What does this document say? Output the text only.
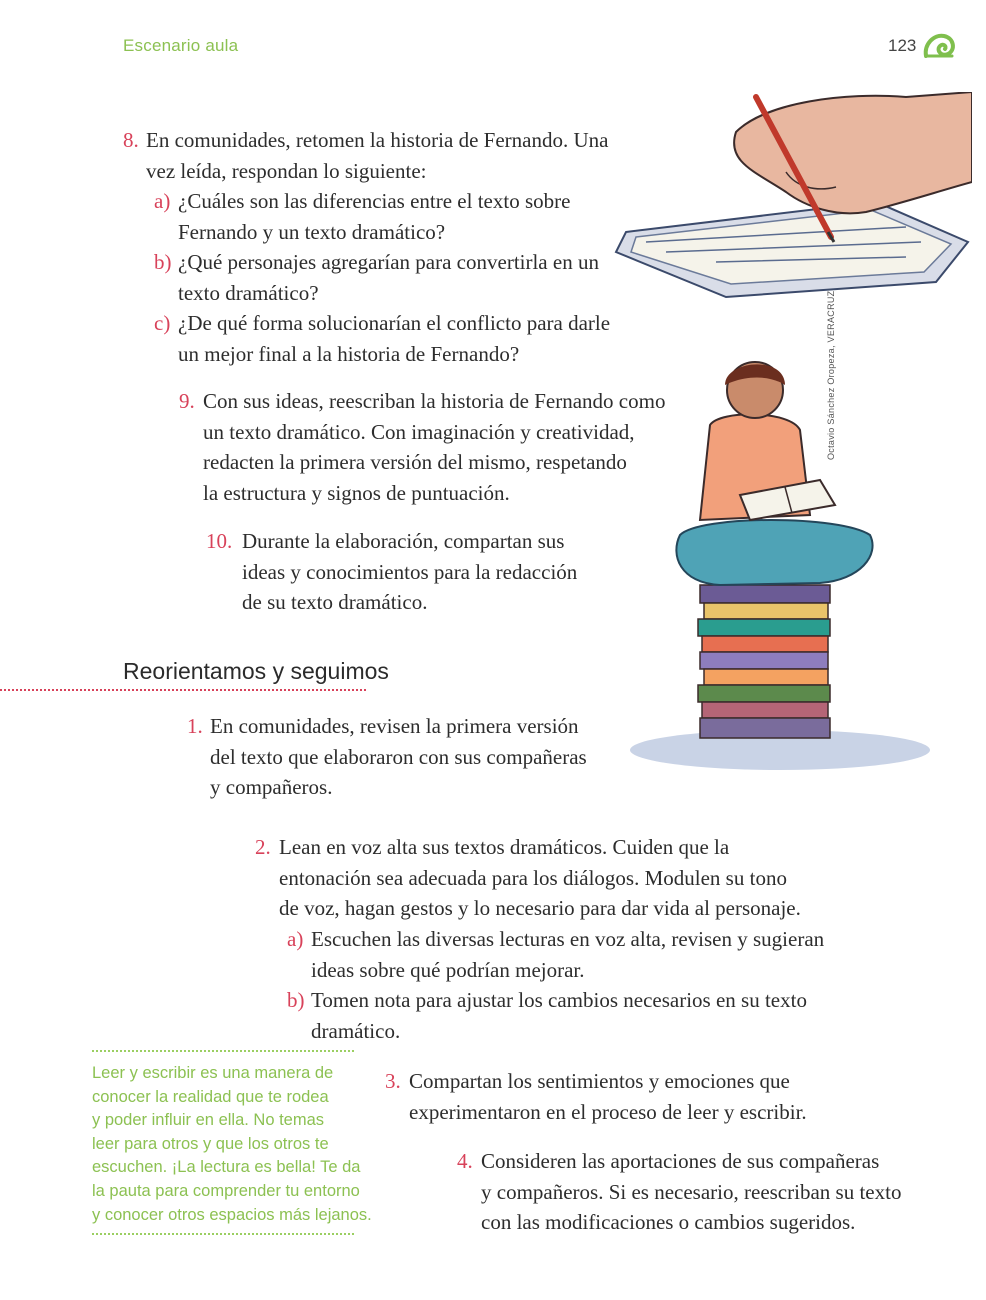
Escenario aula	123
Octavio Sánchez Oropeza, VERACRUZ
8. En comunidades, retomen la historia de Fernando. Una
vez leída, respondan lo siguiente:
a) ¿Cuáles son las diferencias entre el texto sobre
Fernando y un texto dramático?
b) ¿Qué personajes agregarían para convertirla en un
texto dramático?
c) ¿De qué forma solucionarían el conflicto para darle
un mejor final a la historia de Fernando?
9. Con sus ideas, reescriban la historia de Fernando como
un texto dramático. Con imaginación y creatividad,
redacten la primera versión del mismo, respetando
la estructura y signos de puntuación.
10. Durante la elaboración, compartan sus
ideas y conocimientos para la redacción
de su texto dramático.
Reorientamos y seguimos
1. En comunidades, revisen la primera versión
del texto que elaboraron con sus compañeras
y compañeros.
2. Lean en voz alta sus textos dramáticos. Cuiden que la
entonación sea adecuada para los diálogos. Modulen su tono
de voz, hagan gestos y lo necesario para dar vida al personaje.
a) Escuchen las diversas lecturas en voz alta, revisen y sugieran
ideas sobre qué podrían mejorar.
b) Tomen nota para ajustar los cambios necesarios en su texto
dramático.
Leer y escribir es una manera de
conocer la realidad que te rodea
y poder influir en ella. No temas
leer para otros y que los otros te
escuchen. ¡La lectura es bella! Te da
la pauta para comprender tu entorno
y conocer otros espacios más lejanos.
3. Compartan los sentimientos y emociones que
experimentaron en el proceso de leer y escribir.
4. Consideren las aportaciones de sus compañeras
y compañeros. Si es necesario, reescriban su texto
con las modificaciones o cambios sugeridos.
